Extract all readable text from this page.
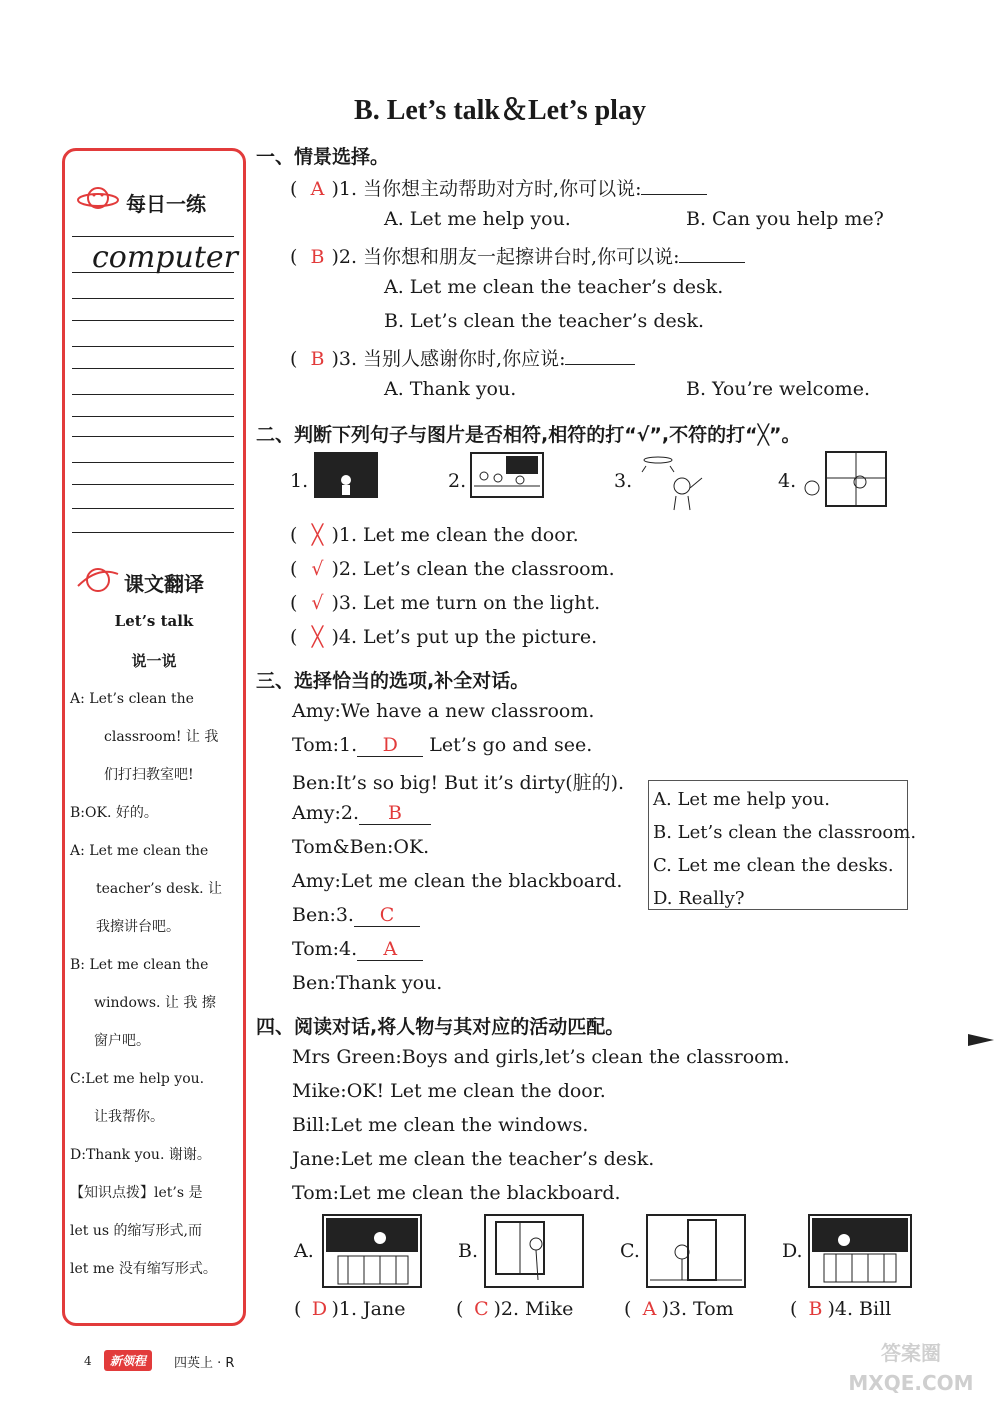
B. Let’s talk＆Let’s play
每日一练
computer
课文翻译
Let’s talk
说一说
A: Let’s clean the
classroom! 让 我
们打扫教室吧!
B:OK. 好的。
A: Let me clean the
teacher’s desk. 让
我擦讲台吧。
B: Let me clean the
windows. 让 我 擦
窗户吧。
C:Let me help you.
让我帮你。
D:Thank you. 谢谢。
【知识点拨】let’s 是
let us 的缩写形式,而
let me 没有缩写形式。
一、情景选择。
( A )1. 当你想主动帮助对方时,你可以说:
A. Let me help you.	B. Can you help me?
( B )2. 当你想和朋友一起擦讲台时,你可以说:
A. Let me clean the teacher’s desk.
B. Let’s clean the teacher’s desk.
( B )3. 当别人感谢你时,你应说:
A. Thank you.	B. You’re welcome.
二、判断下列句子与图片是否相符,相符的打“√”,不符的打“╳”。
1.	2.	3.	4.
( ╳ )1. Let me clean the door.
( √ )2. Let’s clean the classroom.
( √ )3. Let me turn on the light.
( ╳ )4. Let’s put up the picture.
三、选择恰当的选项,补全对话。
Amy:We have a new classroom.
Tom:1. D Let’s go and see.
Ben:It’s so big! But it’s dirty(脏的).
Amy:2. B
Tom&Ben:OK.
Amy:Let me clean the blackboard.
Ben:3. C
Tom:4. A
Ben:Thank you.
A. Let me help you.
B. Let’s clean the classroom.
C. Let me clean the desks.
D. Really?
四、阅读对话,将人物与其对应的活动匹配。
Mrs Green:Boys and girls,let’s clean the classroom.
Mike:OK! Let me clean the door.
Bill:Let me clean the windows.
Jane:Let me clean the teacher’s desk.
Tom:Let me clean the blackboard.
A.	B.	C.	D.
( D )1. Jane	( C )2. Mike	( A )3. Tom	( B )4. Bill
4	新领程	四英上 · R	答案圈 MXQE.COM
